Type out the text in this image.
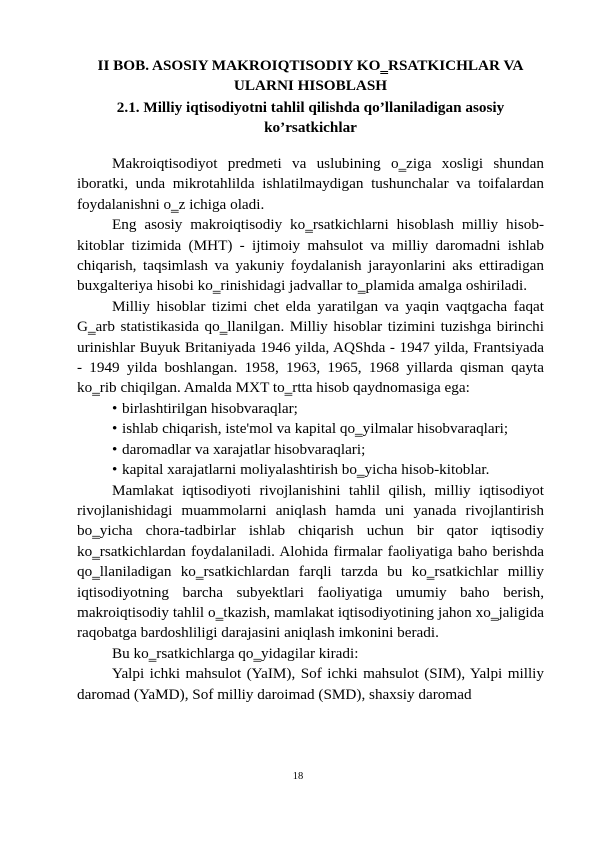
II BOB. ASOSIY MAKROIQTISODIY KO‗RSATKICHLAR VA ULARNI HISOBLASH
2.1. Milliy iqtisodiyotni tahlil qilishda qo’llaniladigan asosiy ko’rsatkichlar

Makroiqtisodiyot predmeti va uslubining o‗ziga xosligi shundan iboratki, unda mikrotahlilda ishlatilmaydigan tushunchalar va toifalardan foydalanishni o‗z ichiga oladi.

Eng asosiy makroiqtisodiy ko‗rsatkichlarni hisoblash milliy hisob-kitoblar tizimida (MHT) - ijtimoiy mahsulot va milliy daromadni ishlab chiqarish, taqsimlash va yakuniy foydalanish jarayonlarini aks ettiradigan buxgalteriya hisobi ko‗rinishidagi jadvallar to‗plamida amalga oshiriladi.

Milliy hisoblar tizimi chet elda yaratilgan va yaqin vaqtgacha faqat G‗arb statistikasida qo‗llanilgan. Milliy hisoblar tizimini tuzishga birinchi urinishlar Buyuk Britaniyada 1946 yilda, AQShda - 1947 yilda, Frantsiyada - 1949 yilda boshlangan. 1958, 1963, 1965, 1968 yillarda qisman qayta ko‗rib chiqilgan. Amalda MXT to‗rtta hisob qaydnomasiga ega:

• birlashtirilgan hisobvaraqlar;
• ishlab chiqarish, iste'mol va kapital qo‗yilmalar hisobvaraqlari;
• daromadlar va xarajatlar hisobvaraqlari;
• kapital xarajatlarni moliyalashtirish bo‗yicha hisob-kitoblar.

Mamlakat iqtisodiyoti rivojlanishini tahlil qilish, milliy iqtisodiyot rivojlanishidagi muammolarni aniqlash hamda uni yanada rivojlantirish bo‗yicha chora-tadbirlar ishlab chiqarish uchun bir qator iqtisodiy ko‗rsatkichlardan foydalaniladi. Alohida firmalar faoliyatiga baho berishda qo‗llaniladigan ko‗rsatkichlardan farqli tarzda bu ko‗rsatkichlar milliy iqtisodiyotning barcha subyektlari faoliyatiga umumiy baho berish, makroiqtisodiy tahlil o‗tkazish, mamlakat iqtisodiyotining jahon xo‗jaligida raqobatga bardoshliligi darajasini aniqlash imkonini beradi.

Bu ko‗rsatkichlarga qo‗yidagilar kiradi:

Yalpi ichki mahsulot (YaIM), Sof ichki mahsulot (SIM), Yalpi milliy daromad (YaMD), Sof milliy daroimad (SMD), shaxsiy daromad

18
